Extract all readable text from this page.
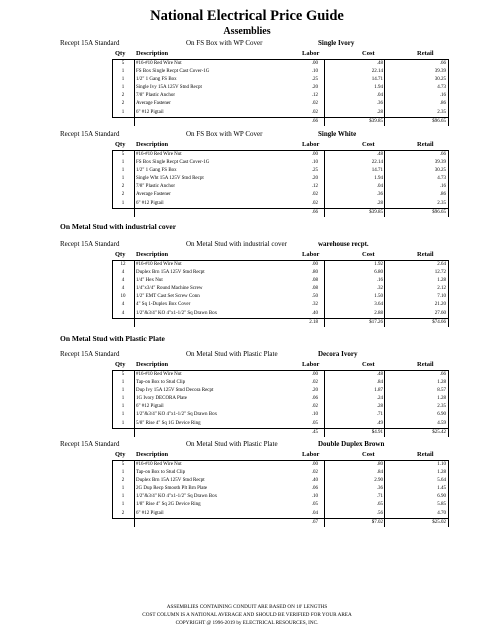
National Electrical Price Guide
Assemblies
Recept 15A Standard	On FS Box with WP Cover	Single Ivory
Qty Description	Labor	Cost	Retail
5	#16-#10 Red Wire Nut	.00	.48	.66
1	FS Box Single Recpt Cast Cover-1G	.10	22.14	39.39
1	1/2" 1 Gang FS Box	.25	14.71	30.25
1	Single Ivy 15A 125V Stnd Recpt	.20	1.94	4.73
2	7/8" Plastic Anchor	.12	.04	.16
2	Average Fastener	.02	.36	.86
1	6" #12 Pigtail	.02	.28	2.35
.66	$39.85	$96.65
Recept 15A Standard	On FS Box with WP Cover	Single White
Qty Description	Labor	Cost	Retail
5	#16-#10 Red Wire Nut	.00	.48	.66
1	FS Box Single Recpt Cast Cover-1G	.10	22.14	39.39
1	1/2" 1 Gang FS Box	.25	14.71	30.25
1	Single Wht 15A 125V Stnd Recpt	.20	1.94	4.73
2	7/8" Plastic Anchor	.12	.04	.16
2	Average Fastener	.02	.36	.86
1	6" #12 Pigtail	.02	.28	2.35
.66	$39.85	$96.65
On Metal Stud with industrial cover
Recept 15A Standard	On Metal Stud with industrial cover	warehouse recpt.
Qty Description	Labor	Cost	Retail
12	#16-#10 Red Wire Nut	.00	1.92	2.64
4	Duplex Brn 15A 125V Stnd Recpt	.80	6.80	12.72
4	1/4" Hex Nut	.08	.16	1.28
4	1/4"x3/4" Round Machine Screw	.08	.32	2.12
10	1/2" EMT Cast Set Screw Conn	.50	1.50	7.10
4	4" Sq 1-Duplex Box Cover	.32	3.64	21.20
4	1/2"&3/4" KO 4"x1-1/2" Sq Drawn Box	.40	2.88	27.60
2.18	$17.26	$74.66
On Metal Stud with Plastic Plate
Recept 15A Standard	On Metal Stud with Plastic Plate	Decora Ivory
Qty Description	Labor	Cost	Retail
5	#16-#10 Red Wire Nut	.00	.48	.66
1	Tap-on Box to Stud Clip	.02	.84	1.28
1	Dup Ivy 15A 125V Stnd Decora Recpt	.20	1.87	8.57
1	1G Ivory DECORA Plate	.06	.24	1.28
1	6" #12 Pigtail	.02	.28	2.35
1	1/2"&3/4" KO 4"x1-1/2" Sq Drawn Box	.10	.71	6.90
1	5/8" Rise 4" Sq 1G Device Ring	.05	.49	4.59
.45	$4.91	$25.42
Recept 15A Standard	On Metal Stud with Plastic Plate	Double Duplex Brown
Qty Description	Labor	Cost	Retail
5	#16-#10 Red Wire Nut	.00	.80	1.10
1	Tap-on Box to Stud Clip	.02	.84	1.28
2	Duplex Brn 15A 125V Stnd Recpt	.40	2.90	5.64
1	2G Dup Recp Smooth Plt Brn Plate	.06	.36	1.45
1	1/2"&3/4" KO 4"x1-1/2" Sq Drawn Box	.10	.71	6.90
1	1/8" Rise 4" Sq 2G Device Ring	.05	.65	5.85
2	6" #12 Pigtail	.04	.56	4.70
.67	$7.02	$25.02
ASSEMBLIES CONTAINING CONDUIT ARE BASED ON 10' LENGTHS
COST COLUMN IS A NATIONAL AVERAGE AND SHOULD BE VERIFIED FOR YOUR AREA
COPYRIGHT @ 1996-2019 by ELECTRICAL RESOURCES, INC.
